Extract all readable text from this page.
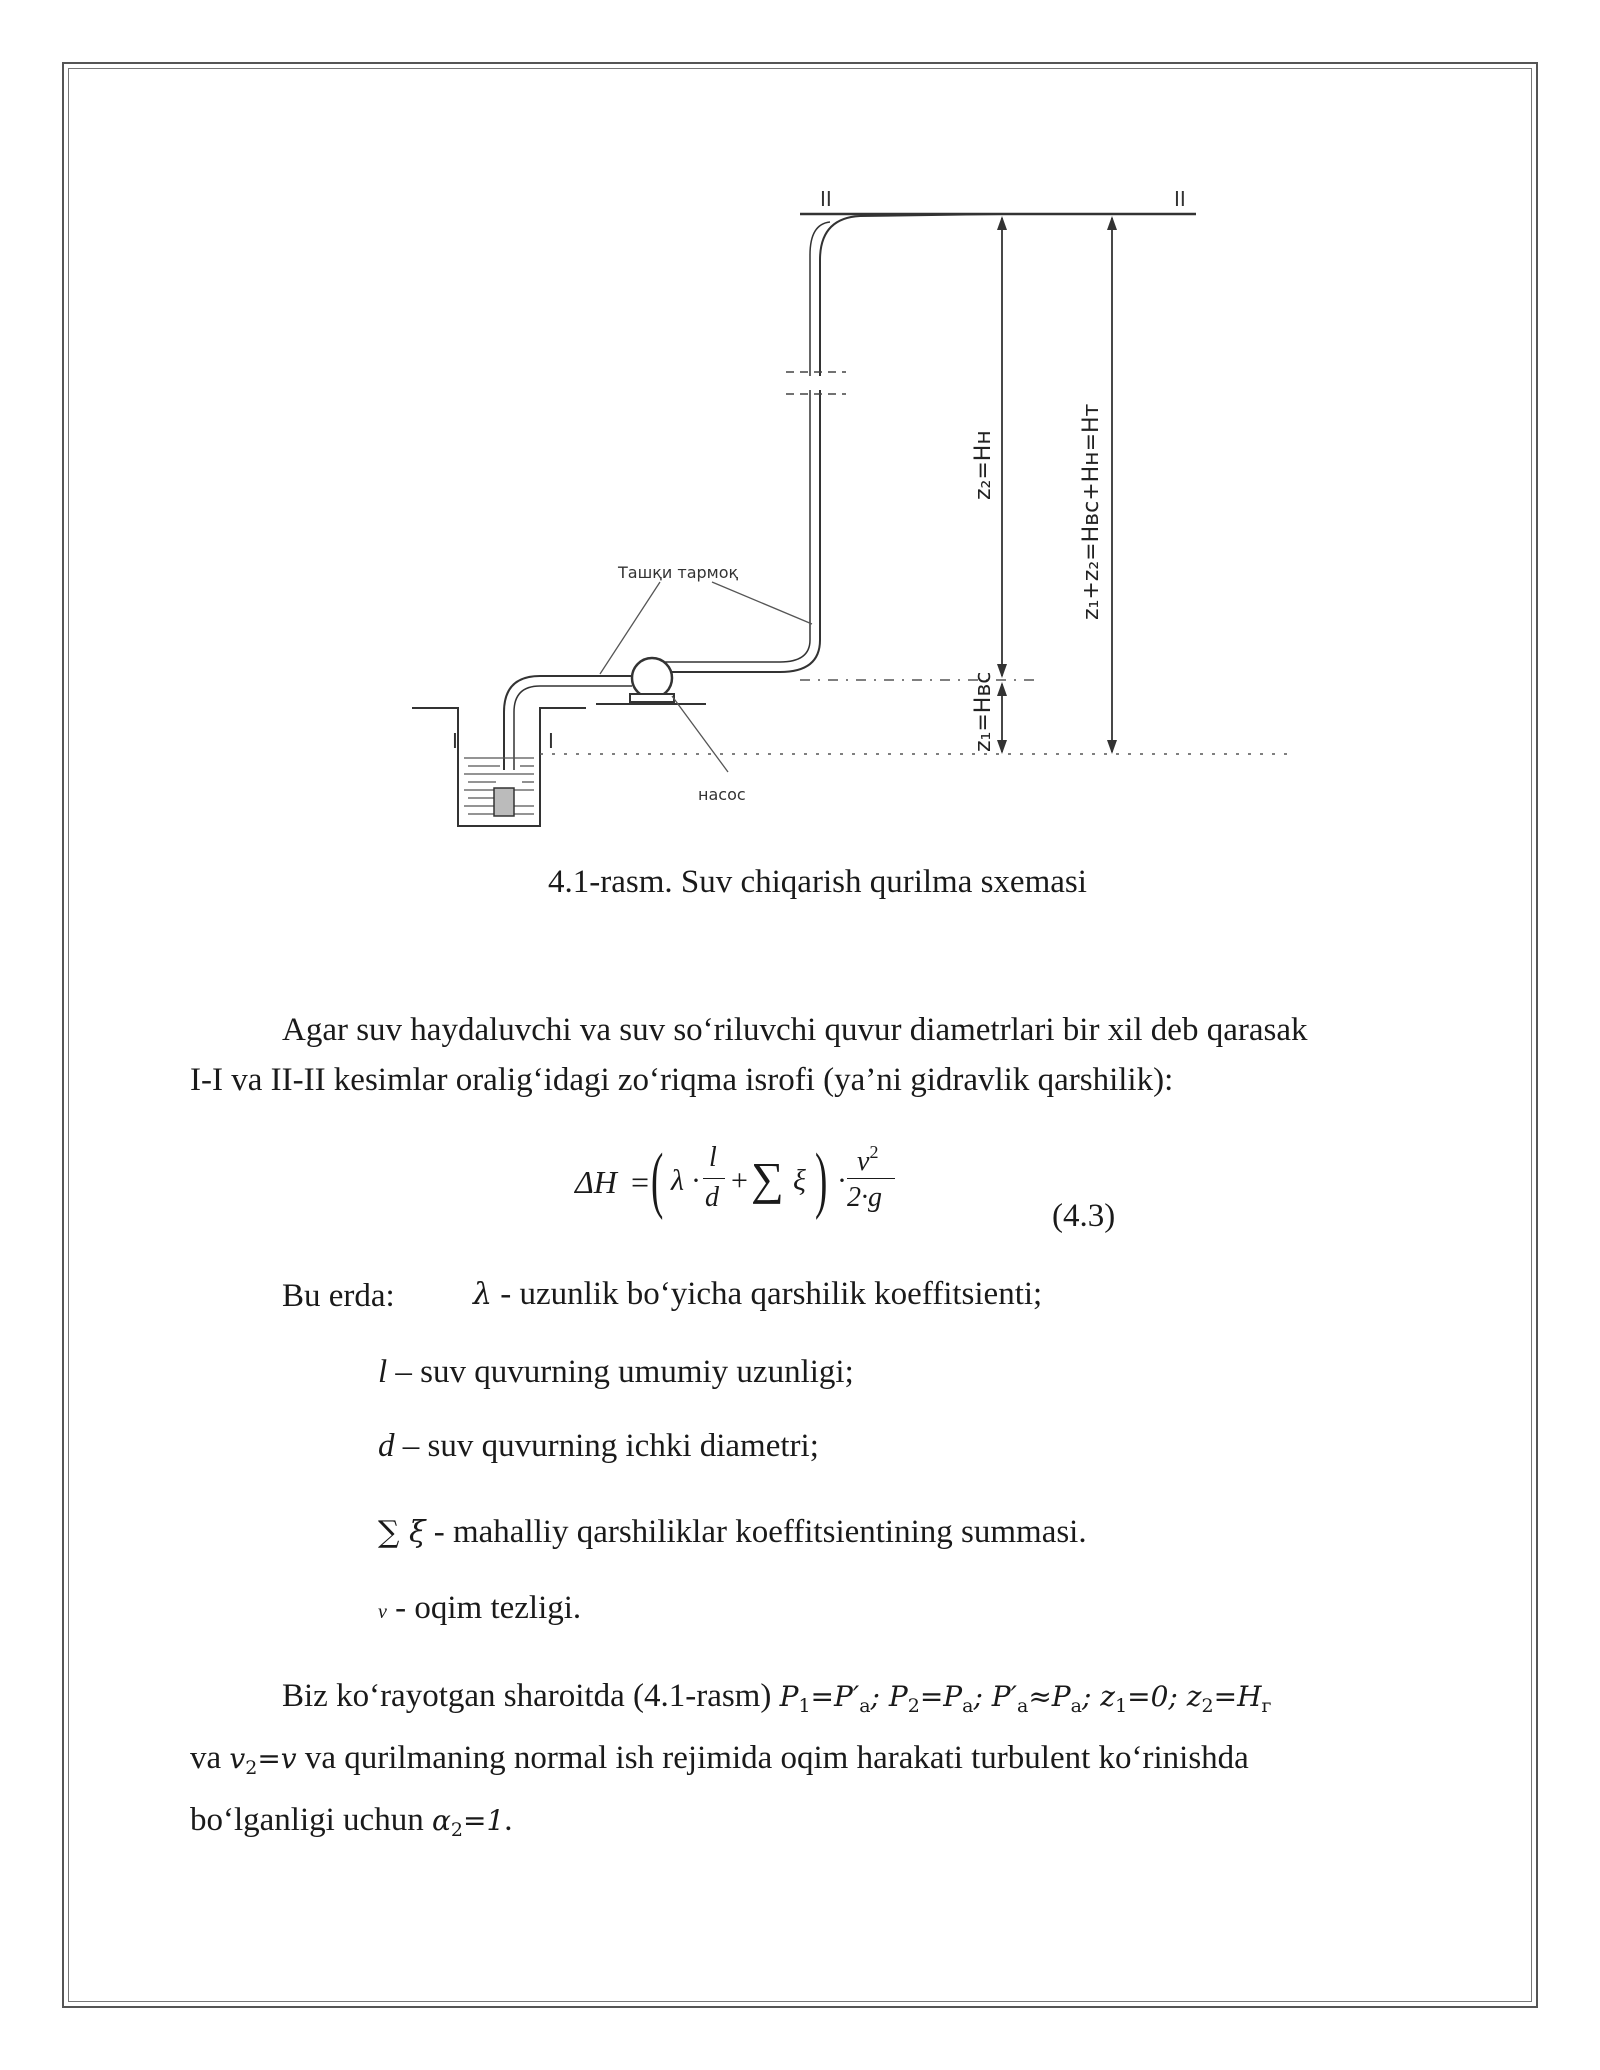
II	II
I	I
Ташқи тармоқ
насос
z₂=Hн
z₁=Hвс
z₁+z₂=Hвс+Hн=Hт
4.1-rasm. Suv chiqarish qurilma sxemasi
Agar suv haydaluvchi va suv so‘riluvchi quvur diametrlari bir xil deb qarasak
I-I va II-II kesimlar oralig‘idagi zo‘riqma isrofi (ya’ni gidravlik qarshilik):
ΔH = ( λ ·
l
d
+ ∑ ξ ) ·
$v^2$
2·g
(4.3)
Bu erda:	λ - uzunlik bo‘yicha qarshilik koeffitsienti;
l – suv quvurning umumiy uzunligi;
d – suv quvurning ichki diametri;
∑ ξ - mahalliy qarshiliklar koeffitsientining summasi.
v - oqim tezligi.
Biz ko‘rayotgan sharoitda (4.1-rasm) $P_1=P'_a$; $P_2=P_a$; $P'_a\approx P_a$; $z_1=0$; $z_2=H_г$
va $v_2=v$ va qurilmaning normal ish rejimida oqim harakati turbulent ko‘rinishda
bo‘lganligi uchun $\alpha_2=1$.
